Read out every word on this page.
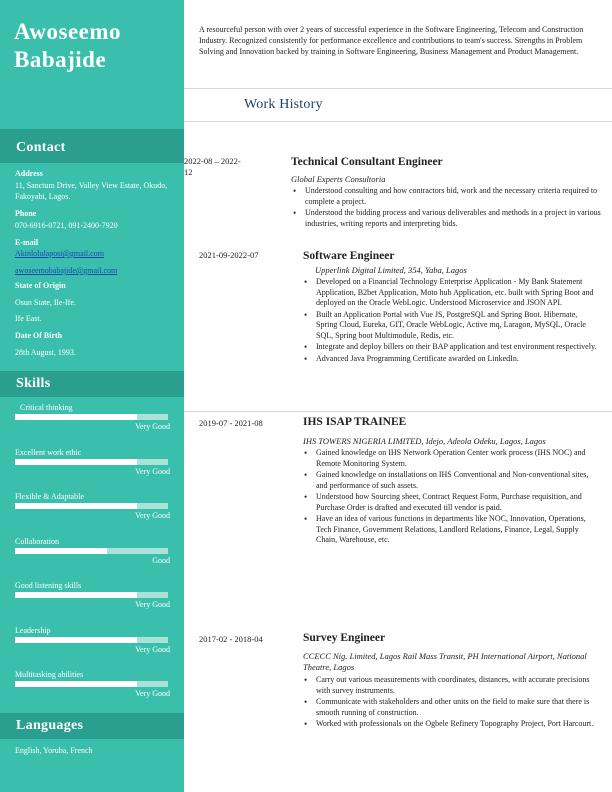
Awoseemo
Babajide
Contact
Address
11, Sanctum Drive, Valley View Estate, Okudo, Fakoyabi, Lagos.
Phone
070-6916-0721, 091-2400-7920
E-mail
Akinlolulaposi@gmail.com
awoseemobabajide@gmail.com
State of Origin
Osun State, Ile-Ife.
Ife East.
Date Of Birth
28th August, 1993.
Skills
Critical thinking
Very Good
Excellent work ethic
Very Good
Flexible & Adaptable
Very Good
Collaboration
Good
Good listening skills
Very Good
Leadership
Very Good
Multitasking abilities
Very Good
Languages
English, Yoruba, French
A resourceful person with over 2 years of successful experience in the Software Engineering, Telecom and Construction Industry. Recognized consistently for performance excellence and contributions to team's success. Strengths in Problem Solving and Innovation backed by training in Software Engineering, Business Management and Product Management.
Work History
2022-08 – 2022-12
Technical Consultant Engineer
Global Experts Consultoria
• Understood consulting and how contractors bid, work and the necessary criteria required to complete a project.
• Understood the bidding process and various deliverables and methods in a project in various industries, writing reports and interpreting bids.
2021-09-2022-07	Software Engineer
Upperlink Digital Limited, 354, Yaba, Lagos
• Developed on a Financial Technology Enterprise Application - My Bank Statement Application, B2bet Application, Moto hub Application, etc. built with Spring Boot and deployed on the Oracle WebLogic. Understood Microservice and JSON API.
• Built an Application Portal with Vue JS, PostgreSQL and Spring Boot. Hibernate, Spring Cloud, Eureka, GIT, Oracle WebLogic, Active mq, Laragon, MySQL, Oracle SQL, Spring boot Multimodule, Redis, etc.
• Integrate and deploy billers on their BAP application and test environment respectively.
• Advanced Java Programming Certificate awarded on LinkedIn.
2019-07 - 2021-08	IHS ISAP TRAINEE
IHS TOWERS NIGERIA LIMITED, Idejo, Adeola Odeku, Lagos, Lagos
• Gained knowledge on IHS Network Operation Center work process (IHS NOC) and Remote Monitoring System.
• Gained knowledge on installations on IHS Conventional and Non-conventional sites, and performance of such assets.
• Understood how Sourcing sheet, Contract Request Form, Purchase requisition, and Purchase Order is drafted and executed till vendor is paid.
• Have an idea of various functions in departments like NOC, Innovation, Operations, Tech Finance, Government Relations, Landlord Relations, Finance, Legal, Supply Chain, Warehouse, etc.
2017-02 - 2018-04	Survey Engineer
CCECC Nig. Limited, Lagos Rail Mass Transit, PH International Airport, National Theatre, Lagos
• Carry out various measurements with coordinates, distances, with accurate precisions with survey instruments.
• Communicate with stakeholders and other units on the field to make sure that there is smooth running of construction.
• Worked with professionals on the Ogbele Refinery Topography Project, Port Harcourt.
